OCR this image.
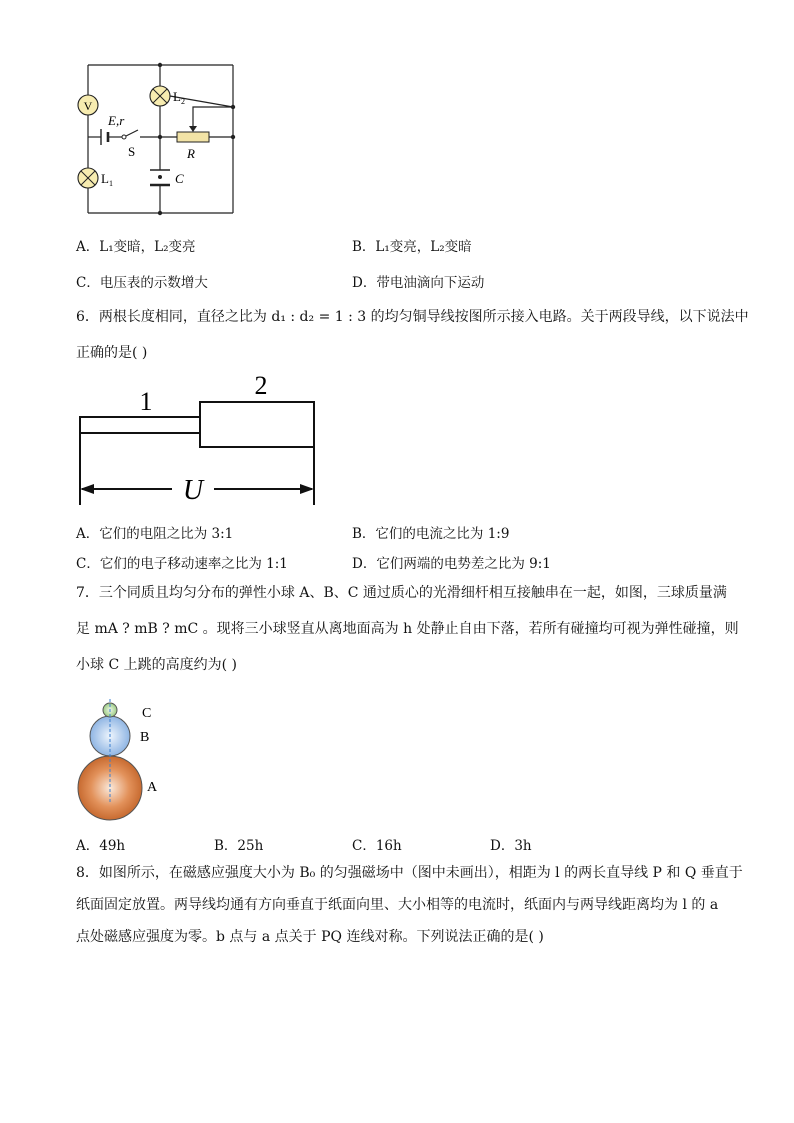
V
E,r
S	R
C
$L_1$
$L_2$
A．L₁变暗，L₂变亮	B．L₁变亮，L₂变暗
C．电压表的示数增大	D．带电油滴向下运动
6．两根长度相同，直径之比为 d₁ : d₂ = 1 : 3 的均匀铜导线按图所示接入电路。关于两段导线，以下说法中
正确的是( )
1
2
U
A．它们的电阻之比为 3:1	B．它们的电流之比为 1:9
C．它们的电子移动速率之比为 1:1	D．它们两端的电势差之比为 9:1
7．三个同质且均匀分布的弹性小球 A、B、C 通过质心的光滑细杆相互接触串在一起，如图，三球质量满
足 mA ? mB ? mC 。现将三小球竖直从离地面高为 h 处静止自由下落，若所有碰撞均可视为弹性碰撞，则
小球 C 上跳的高度约为( )
C
B
A
A．49h	B．25h	C．16h	D．3h
8．如图所示，在磁感应强度大小为 B₀ 的匀强磁场中（图中未画出），相距为 l 的两长直导线 P 和 Q 垂直于
纸面固定放置。两导线均通有方向垂直于纸面向里、大小相等的电流时，纸面内与两导线距离均为 l 的 a
点处磁感应强度为零。b 点与 a 点关于 PQ 连线对称。下列说法正确的是( )
